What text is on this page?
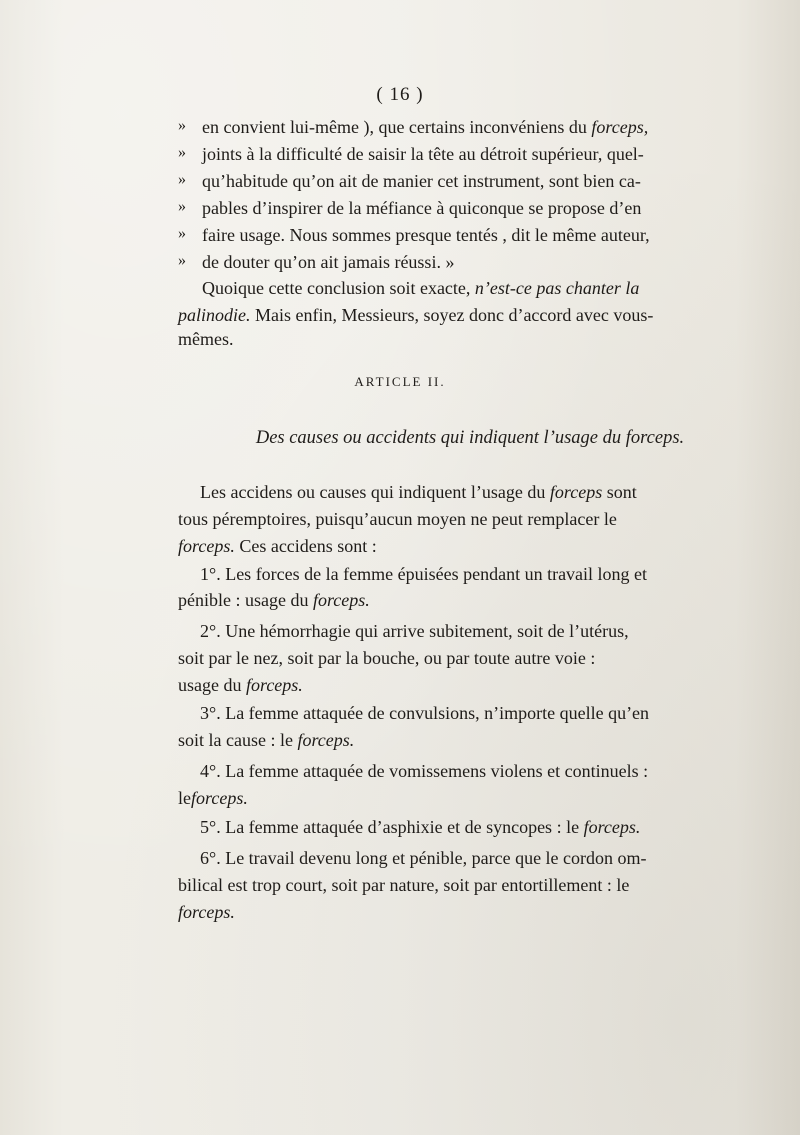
( 16 )
» en convient lui-même ), que certains inconvéniens du forceps,
» joints à la difficulté de saisir la tête au détroit supérieur, quel-
» qu’habitude qu’on ait de manier cet instrument, sont bien ca-
» pables d’inspirer de la méfiance à quiconque se propose d’en
» faire usage. Nous sommes presque tentés , dit le même auteur,
» de douter qu’on ait jamais réussi. »
Quoique cette conclusion soit exacte, n’est-ce pas chanter la
palinodie. Mais enfin, Messieurs, soyez donc d’accord avec vous-
mêmes.
ARTICLE II.
Des causes ou accidents qui indiquent l’usage du forceps.
Les accidens ou causes qui indiquent l’usage du forceps sont
tous péremptoires, puisqu’aucun moyen ne peut remplacer le
forceps. Ces accidens sont :
1°. Les forces de la femme épuisées pendant un travail long et
pénible : usage du forceps.
2°. Une hémorrhagie qui arrive subitement, soit de l’utérus,
soit par le nez, soit par la bouche, ou par toute autre voie :
usage du forceps.
3°. La femme attaquée de convulsions, n’importe quelle qu’en
soit la cause : le forceps.
4°. La femme attaquée de vomissemens violens et continuels :
leforceps.
5°. La femme attaquée d’asphixie et de syncopes : le forceps.
6°. Le travail devenu long et pénible, parce que le cordon om-
bilical est trop court, soit par nature, soit par entortillement : le
forceps.
